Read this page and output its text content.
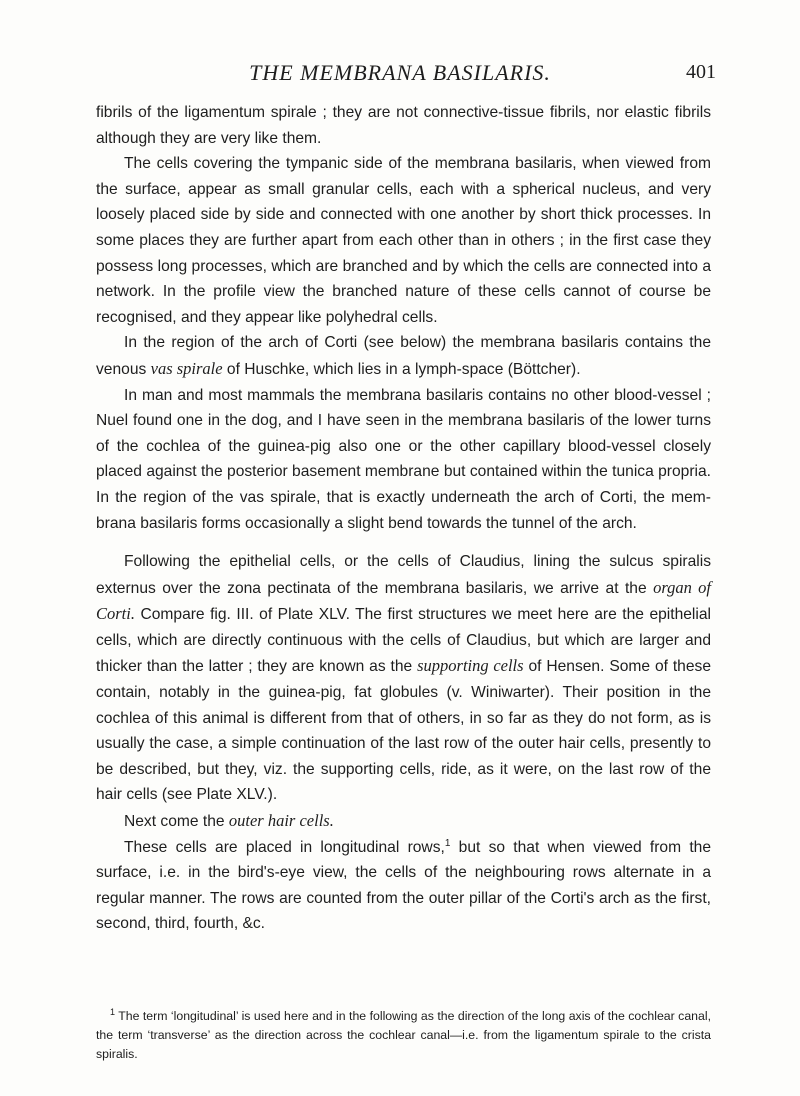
THE MEMBRANA BASILARIS.	401

fibrils of the ligamentum spirale ; they are not connective-tissue fibrils, nor elastic fibrils although they are very like them.

The cells covering the tympanic side of the membrana basilaris, when viewed from the surface, appear as small granular cells, each with a spherical nucleus, and very loosely placed side by side and connected with one another by short thick processes. In some places they are further apart from each other than in others ; in the first case they possess long processes, which are branched and by which the cells are connected into a network. In the profile view the branched nature of these cells cannot of course be recognised, and they appear like polyhedral cells.

In the region of the arch of Corti (see below) the membrana basilaris contains the venous vas spirale of Huschke, which lies in a lymph-space (Böttcher).

In man and most mammals the membrana basilaris contains no other blood-vessel ; Nuel found one in the dog, and I have seen in the membrana basilaris of the lower turns of the cochlea of the guinea-pig also one or the other capillary blood-vessel closely placed against the posterior basement membrane but contained within the tunica propria. In the region of the vas spirale, that is exactly underneath the arch of Corti, the mem-brana basilaris forms occasionally a slight bend towards the tunnel of the arch.

Following the epithelial cells, or the cells of Claudius, lining the sulcus spiralis externus over the zona pectinata of the membrana basilaris, we arrive at the organ of Corti. Compare fig. III. of Plate XLV. The first structures we meet here are the epithelial cells, which are directly continuous with the cells of Claudius, but which are larger and thicker than the latter ; they are known as the supporting cells of Hensen. Some of these contain, notably in the guinea-pig, fat globules (v. Winiwarter). Their position in the cochlea of this animal is different from that of others, in so far as they do not form, as is usually the case, a simple continuation of the last row of the outer hair cells, presently to be described, but they, viz. the supporting cells, ride, as it were, on the last row of the hair cells (see Plate XLV.).

Next come the outer hair cells.

These cells are placed in longitudinal rows,$^1$ but so that when viewed from the surface, i.e. in the bird's-eye view, the cells of the neighbouring rows alternate in a regular manner. The rows are counted from the outer pillar of the Corti's arch as the first, second, third, fourth, &c.

$^1$ The term ‘longitudinal’ is used here and in the following as the direction of the long axis of the cochlear canal, the term ‘transverse’ as the direction across the cochlear canal—i.e. from the ligamentum spirale to the crista spiralis.
